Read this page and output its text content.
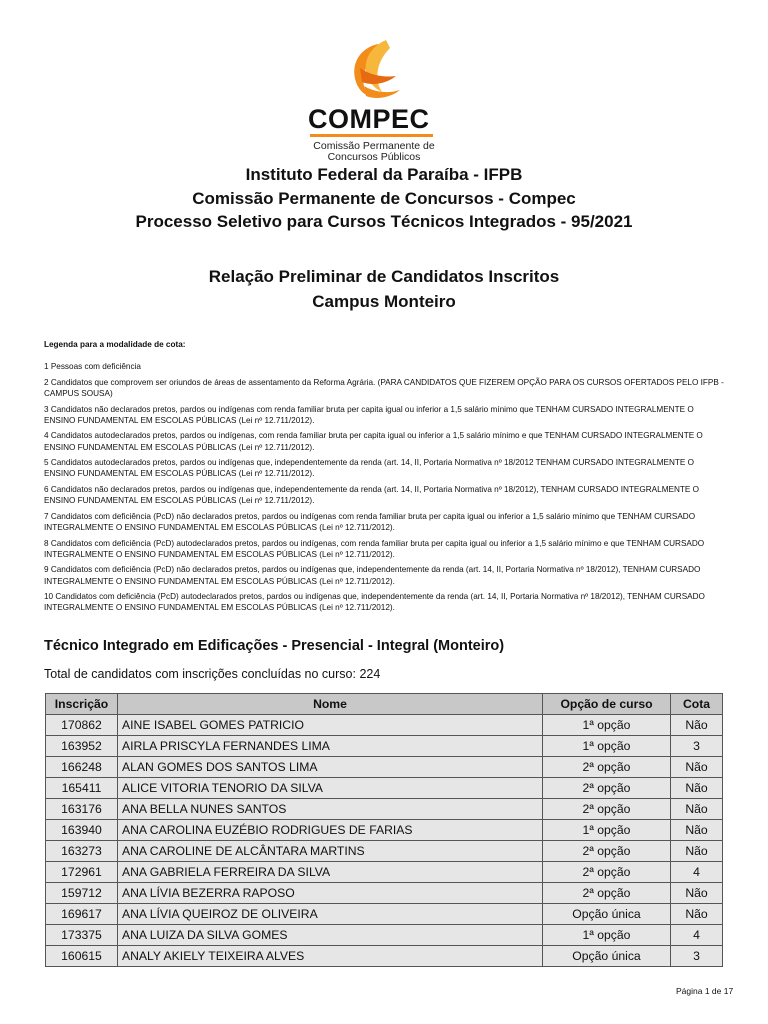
COMPEC
Comissão Permanente de
Concursos Públicos
Instituto Federal da Paraíba - IFPB
Comissão Permanente de Concursos - Compec
Processo Seletivo para Cursos Técnicos Integrados - 95/2021
Relação Preliminar de Candidatos Inscritos
Campus Monteiro
Legenda para a modalidade de cota:
1 Pessoas com deficiência
2 Candidatos que comprovem ser oriundos de áreas de assentamento da Reforma Agrária. (PARA CANDIDATOS QUE FIZEREM OPÇÃO PARA OS CURSOS OFERTADOS PELO IFPB - CAMPUS SOUSA)
3 Candidatos não declarados pretos, pardos ou indígenas com renda familiar bruta per capita igual ou inferior a 1,5 salário mínimo que TENHAM CURSADO INTEGRALMENTE O ENSINO FUNDAMENTAL EM ESCOLAS PÚBLICAS (Lei nº 12.711/2012).
4 Candidatos autodeclarados pretos, pardos ou indígenas, com renda familiar bruta per capita igual ou inferior a 1,5 salário mínimo e que TENHAM CURSADO INTEGRALMENTE O ENSINO FUNDAMENTAL EM ESCOLAS PÚBLICAS (Lei nº 12.711/2012).
5 Candidatos autodeclarados pretos, pardos ou indígenas que, independentemente da renda (art. 14, II, Portaria Normativa nº 18/2012 TENHAM CURSADO INTEGRALMENTE O ENSINO FUNDAMENTAL EM ESCOLAS PÚBLICAS (Lei nº 12.711/2012).
6 Candidatos não declarados pretos, pardos ou indígenas que, independentemente da renda (art. 14, II, Portaria Normativa nº 18/2012), TENHAM CURSADO INTEGRALMENTE O ENSINO FUNDAMENTAL EM ESCOLAS PÚBLICAS (Lei nº 12.711/2012).
7 Candidatos com deficiência (PcD) não declarados pretos, pardos ou indígenas com renda familiar bruta per capita igual ou inferior a 1,5 salário mínimo que TENHAM CURSADO INTEGRALMENTE O ENSINO FUNDAMENTAL EM ESCOLAS PÚBLICAS (Lei nº 12.711/2012).
8 Candidatos com deficiência (PcD) autodeclarados pretos, pardos ou indígenas, com renda familiar bruta per capita igual ou inferior a 1,5 salário mínimo e que TENHAM CURSADO INTEGRALMENTE O ENSINO FUNDAMENTAL EM ESCOLAS PÚBLICAS (Lei nº 12.711/2012).
9 Candidatos com deficiência (PcD) não declarados pretos, pardos ou indígenas que, independentemente da renda (art. 14, II, Portaria Normativa nº 18/2012), TENHAM CURSADO INTEGRALMENTE O ENSINO FUNDAMENTAL EM ESCOLAS PÚBLICAS (Lei nº 12.711/2012).
10 Candidatos com deficiência (PcD) autodeclarados pretos, pardos ou indígenas que, independentemente da renda (art. 14, II, Portaria Normativa nº 18/2012), TENHAM CURSADO INTEGRALMENTE O ENSINO FUNDAMENTAL EM ESCOLAS PÚBLICAS (Lei nº 12.711/2012).
Técnico Integrado em Edificações - Presencial - Integral (Monteiro)
Total de candidatos com inscrições concluídas no curso: 224
Inscrição	Nome	Opção de curso	Cota
170862	AINE ISABEL GOMES PATRICIO	1ª opção	Não
163952	AIRLA PRISCYLA FERNANDES LIMA	1ª opção	3
166248	ALAN GOMES DOS SANTOS LIMA	2ª opção	Não
165411	ALICE VITORIA TENORIO DA SILVA	2ª opção	Não
163176	ANA BELLA NUNES SANTOS	2ª opção	Não
163940	ANA CAROLINA EUZÉBIO RODRIGUES DE FARIAS	1ª opção	Não
163273	ANA CAROLINE DE ALCÂNTARA MARTINS	2ª opção	Não
172961	ANA GABRIELA FERREIRA DA SILVA	2ª opção	4
159712	ANA LÍVIA BEZERRA RAPOSO	2ª opção	Não
169617	ANA LÍVIA QUEIROZ DE OLIVEIRA	Opção única	Não
173375	ANA LUIZA DA SILVA GOMES	1ª opção	4
160615	ANALY AKIELY TEIXEIRA ALVES	Opção única	3
Página 1 de 17
